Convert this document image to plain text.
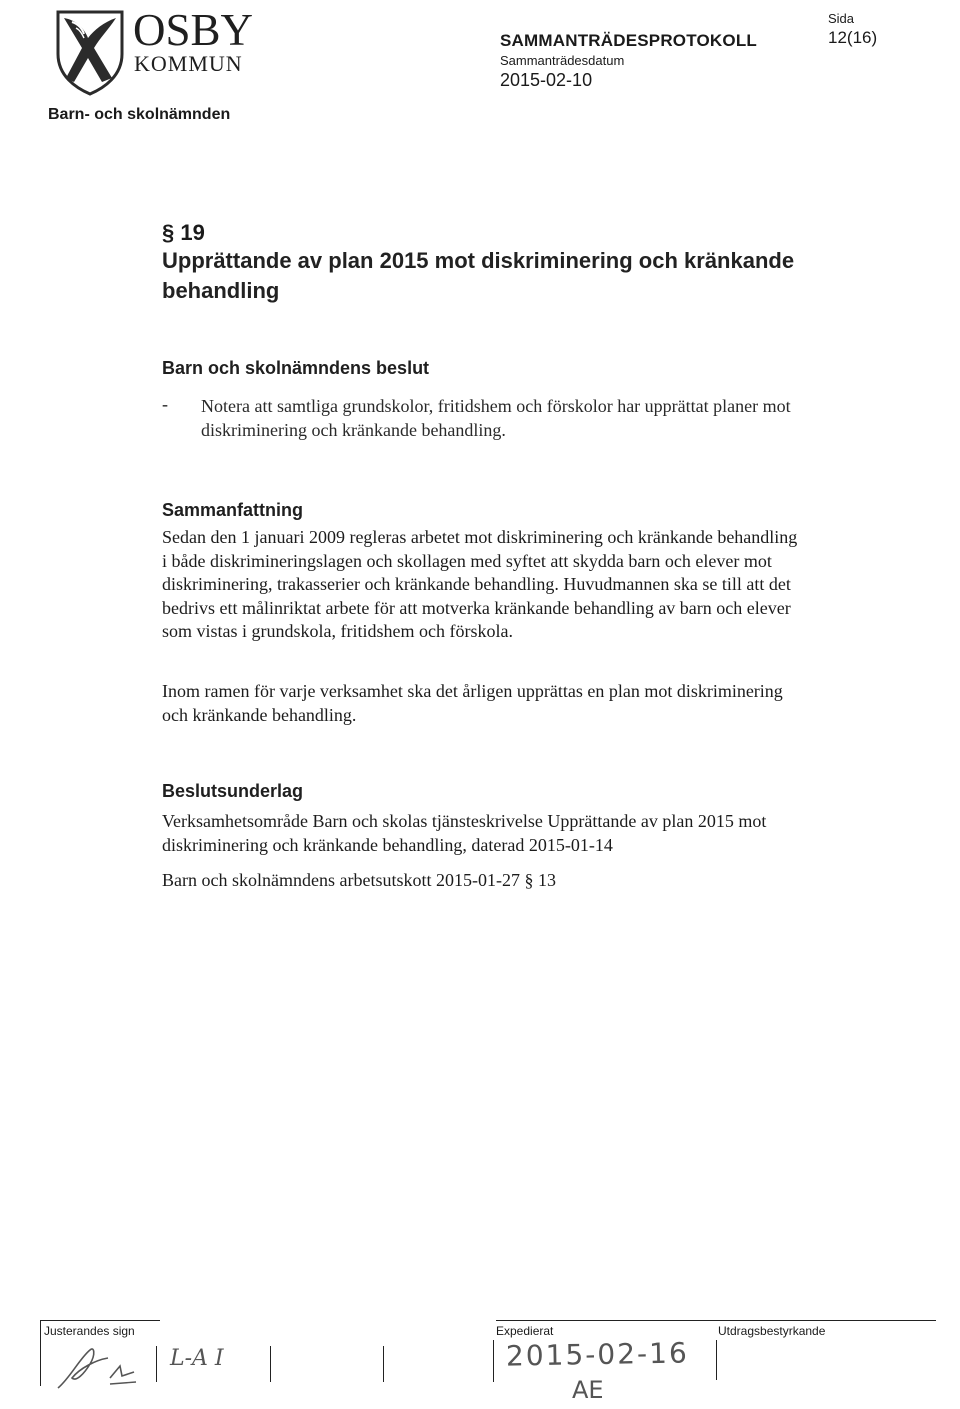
OSBY
KOMMUN
Barn- och skolnämnden
SAMMANTRÄDESPROTOKOLL
Sammanträdesdatum
2015-02-10
Sida
12(16)
§ 19
Upprättande av plan 2015 mot diskriminering och kränkande behandling
Barn och skolnämndens beslut
- Notera att samtliga grundskolor, fritidshem och förskolor har upprättat planer mot diskriminering och kränkande behandling.
Sammanfattning
Sedan den 1 januari 2009 regleras arbetet mot diskriminering och kränkande behandling i både diskrimineringslagen och skollagen med syftet att skydda barn och elever mot diskriminering, trakasserier och kränkande behandling. Huvudmannen ska se till att det bedrivs ett målinriktat arbete för att motverka kränkande behandling av barn och elever som vistas i grundskola, fritidshem och förskola.
Inom ramen för varje verksamhet ska det årligen upprättas en plan mot diskriminering och kränkande behandling.
Beslutsunderlag
Verksamhetsområde Barn och skolas tjänsteskrivelse Upprättande av plan 2015 mot diskriminering och kränkande behandling, daterad 2015-01-14
Barn och skolnämndens arbetsutskott 2015-01-27 § 13
Justerandes sign	Expedierat	Utdragsbestyrkande
L-A I	2015-02-16
AE
